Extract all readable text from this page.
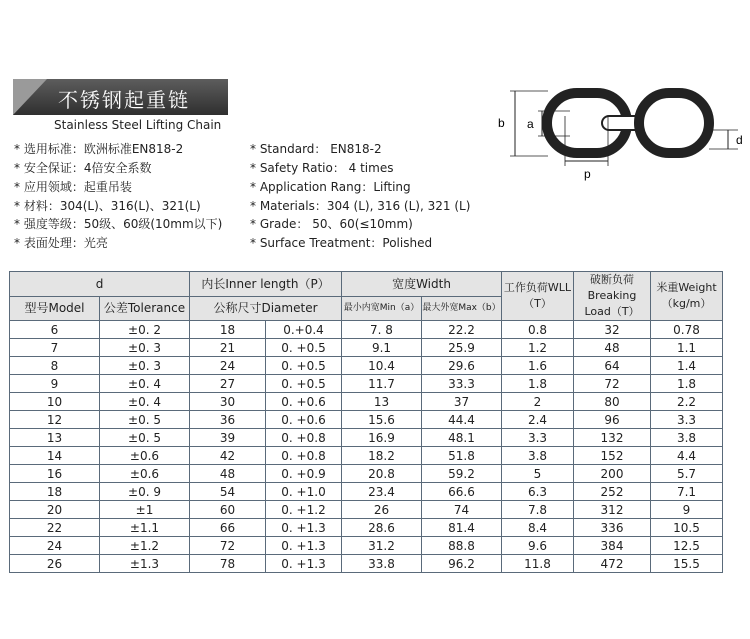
不锈钢起重链
Stainless Steel Lifting Chain
* 选用标准：欧洲标准EN818-2
* 安全保证：4倍安全系数
* 应用领域：起重吊装
* 材料：304(L)、316(L)、321(L)
* 强度等级：50级、60级(10mm以下)
* 表面处理：光亮
* Standard： EN818-2
* Safety Ratio： 4 times
* Application Rang：Lifting
* Materials：304 (L), 316 (L), 321 (L)
* Grade： 50、60(≤10mm)
* Surface Treatment：Polished
b a
d
p
d		内长Inner length（P）		宽度Width		工作负荷WLL（T）	破断负荷Breaking Load（T）	米重Weight（kg/m）
型号Model	公差Tolerance	公称尺寸Diameter		最小内宽Min（a）	最大外宽Max（b）			
6	±0. 2	18	0.+0.4	7. 8	22.2	0.8	32	0.78
7	±0. 3	21	0. +0.5	9.1	25.9	1.2	48	1.1
8	±0. 3	24	0. +0.5	10.4	29.6	1.6	64	1.4
9	±0. 4	27	0. +0.5	11.7	33.3	1.8	72	1.8
10	±0. 4	30	0. +0.6	13	37	2	80	2.2
12	±0. 5	36	0. +0.6	15.6	44.4	2.4	96	3.3
13	±0. 5	39	0. +0.8	16.9	48.1	3.3	132	3.8
14	±0.6	42	0. +0.8	18.2	51.8	3.8	152	4.4
16	±0.6	48	0. +0.9	20.8	59.2	5	200	5.7
18	±0. 9	54	0. +1.0	23.4	66.6	6.3	252	7.1
20	±1	60	0. +1.2	26	74	7.8	312	9
22	±1.1	66	0. +1.3	28.6	81.4	8.4	336	10.5
24	±1.2	72	0. +1.3	31.2	88.8	9.6	384	12.5
26	±1.3	78	0. +1.3	33.8	96.2	11.8	472	15.5
